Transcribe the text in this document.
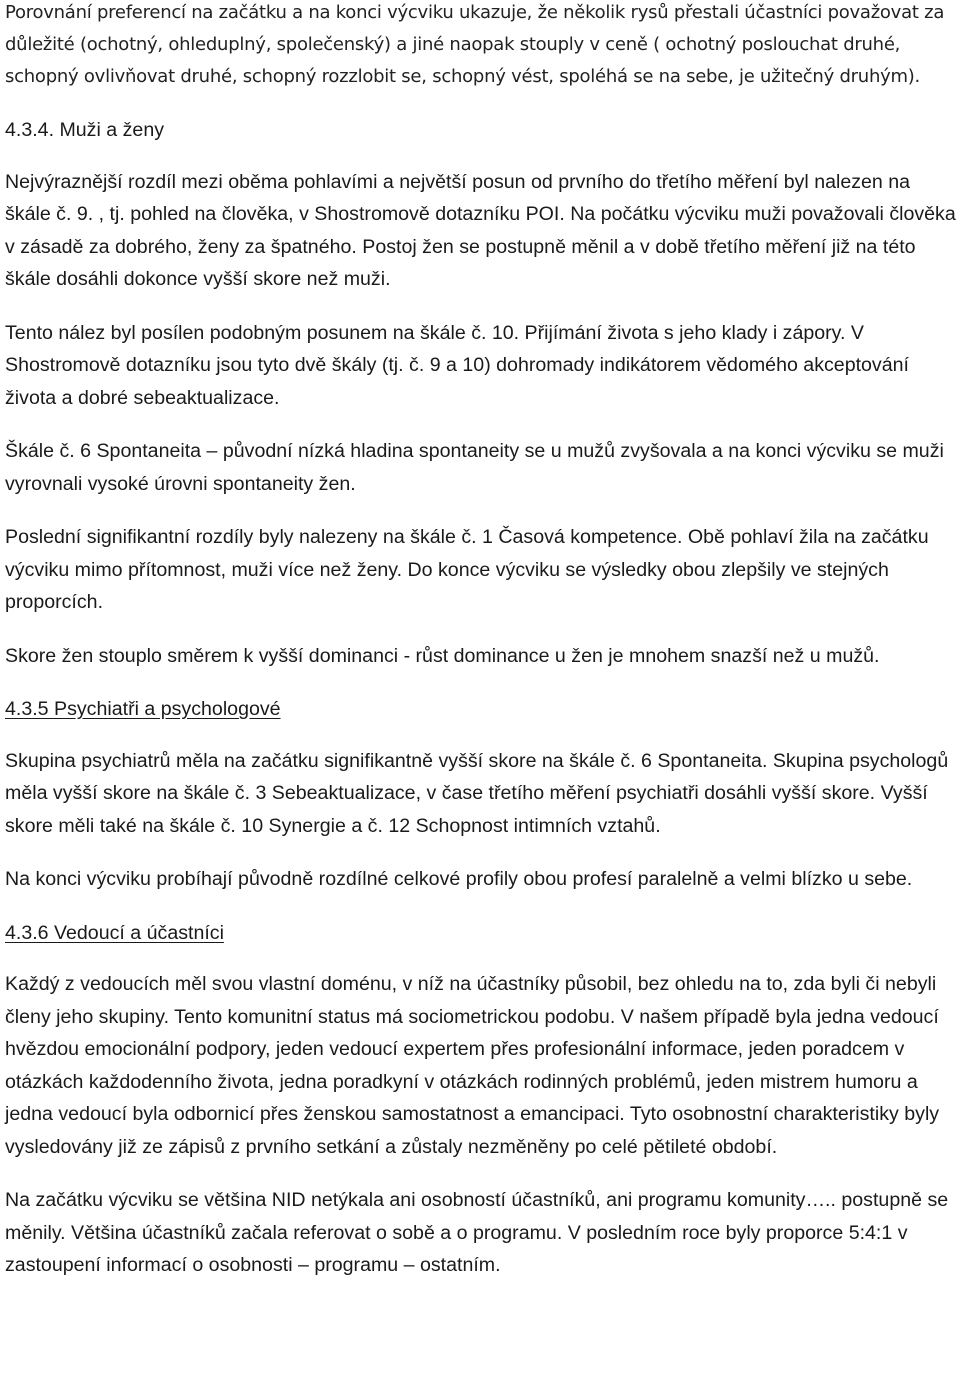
Porovnání preferencí na začátku a na konci výcviku ukazuje, že několik rysů přestali účastníci považovat za důležité (ochotný, ohleduplný, společenský) a jiné naopak stouply v ceně ( ochotný poslouchat druhé, schopný ovlivňovat druhé, schopný rozzlobit se, schopný vést, spoléhá se na sebe, je užitečný druhým).

4.3.4. Muži a ženy

Nejvýraznější rozdíl mezi oběma pohlavími a největší posun od prvního do třetího měření byl nalezen na škále č. 9. , tj. pohled na člověka, v Shostromově dotazníku POI. Na počátku výcviku muži považovali člověka v zásadě za dobrého, ženy za špatného. Postoj žen se postupně měnil a v době třetího měření již na této škále dosáhli dokonce vyšší skore než muži.

Tento nález byl posílen podobným posunem na škále č. 10. Přijímání života s jeho klady i zápory. V Shostromově dotazníku jsou tyto dvě škály (tj. č. 9 a 10) dohromady indikátorem vědomého akceptování života a dobré sebeaktualizace.

Škále č. 6 Spontaneita – původní nízká hladina spontaneity se u mužů zvyšovala a na konci výcviku se muži vyrovnali vysoké úrovni spontaneity žen.

Poslední signifikantní rozdíly byly nalezeny na škále č. 1 Časová kompetence. Obě pohlaví žila na začátku výcviku mimo přítomnost, muži více než ženy. Do konce výcviku se výsledky obou zlepšily ve stejných proporcích.

Skore žen stouplo směrem k vyšší dominanci - růst dominance u žen je mnohem snazší než u mužů.

4.3.5 Psychiatři a psychologové

Skupina psychiatrů měla na začátku signifikantně vyšší skore na škále č. 6 Spontaneita. Skupina psychologů měla vyšší skore na škále č. 3 Sebeaktualizace, v čase třetího měření psychiatři dosáhli vyšší skore. Vyšší skore měli také na škále č. 10 Synergie a č. 12 Schopnost intimních vztahů.

Na konci výcviku probíhají původně rozdílné celkové profily obou profesí paralelně a velmi blízko u sebe.

4.3.6 Vedoucí a účastníci

Každý z vedoucích měl svou vlastní doménu, v níž na účastníky působil, bez ohledu na to, zda byli či nebyli členy jeho skupiny. Tento komunitní status má sociometrickou podobu. V našem případě byla jedna vedoucí hvězdou emocionální podpory, jeden vedoucí expertem přes profesionální informace, jeden poradcem v otázkách každodenního života, jedna poradkyní v otázkách rodinných problémů, jeden mistrem humoru a jedna vedoucí byla odbornicí přes ženskou samostatnost a emancipaci. Tyto osobnostní charakteristiky byly vysledovány již ze zápisů z prvního setkání a zůstaly nezměněny po celé pětileté období.

Na začátku výcviku se většina NID netýkala ani osobností účastníků, ani programu komunity….. postupně se měnily. Většina účastníků začala referovat o sobě a o programu. V posledním roce byly proporce 5:4:1 v zastoupení informací o osobnosti – programu – ostatním.
